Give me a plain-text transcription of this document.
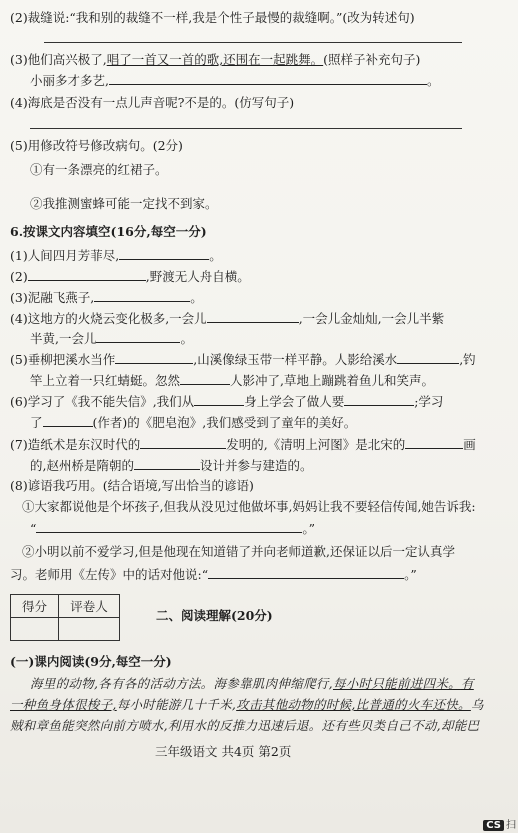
(2)裁缝说:“我和别的裁缝不一样,我是个性子最慢的裁缝啊。”(改为转述句)
(3)他们高兴极了,唱了一首又一首的歌,还围在一起跳舞。(照样子补充句子)
小丽多才多艺,	。
(4)海底是否没有一点儿声音呢?不是的。(仿写句子)
(5)用修改符号修改病句。(2分)
①有一条漂亮的红裙子。
②我推测蜜蜂可能一定找不到家。
6.按课文内容填空(16分,每空一分)
(1)人间四月芳菲尽,	。
(2)	,野渡无人舟自横。
(3)泥融飞燕子,	。
(4)这地方的火烧云变化极多,一会儿	,一会儿金灿灿,一会儿半紫
半黄,一会儿	。
(5)垂柳把溪水当作	,山溪像绿玉带一样平静。人影给溪水	,钓
竿上立着一只红蜻蜓。忽然	人影冲了,草地上蹦跳着鱼儿和笑声。
(6)学习了《我不能失信》,我们从	身上学会了做人要	;学习
了	(作者)的《肥皂泡》,我们感受到了童年的美好。
(7)造纸术是东汉时代的	发明的,《清明上河图》是北宋的	画
的,赵州桥是隋朝的	设计并参与建造的。
(8)谚语我巧用。(结合语境,写出恰当的谚语)
①大家都说他是个坏孩子,但我从没见过他做坏事,妈妈让我不要轻信传闻,她告诉我:
“	。”
②小明以前不爱学习,但是他现在知道错了并向老师道歉,还保证以后一定认真学
习。老师用《左传》中的话对他说:“	。”
得分	评卷人

二、阅读理解(20分)
(一)课内阅读(9分,每空一分)
海里的动物,各有各的活动方法。海参靠肌肉伸缩爬行,每小时只能前进四米。有
一种鱼身体很梭子,每小时能游几十千米,攻击其他动物的时候,比普通的火车还快。乌
贼和章鱼能突然向前方喷水,利用水的反推力迅速后退。还有些贝类自己不动,却能巴
三年级语文 共4页 第2页
CS 扫
